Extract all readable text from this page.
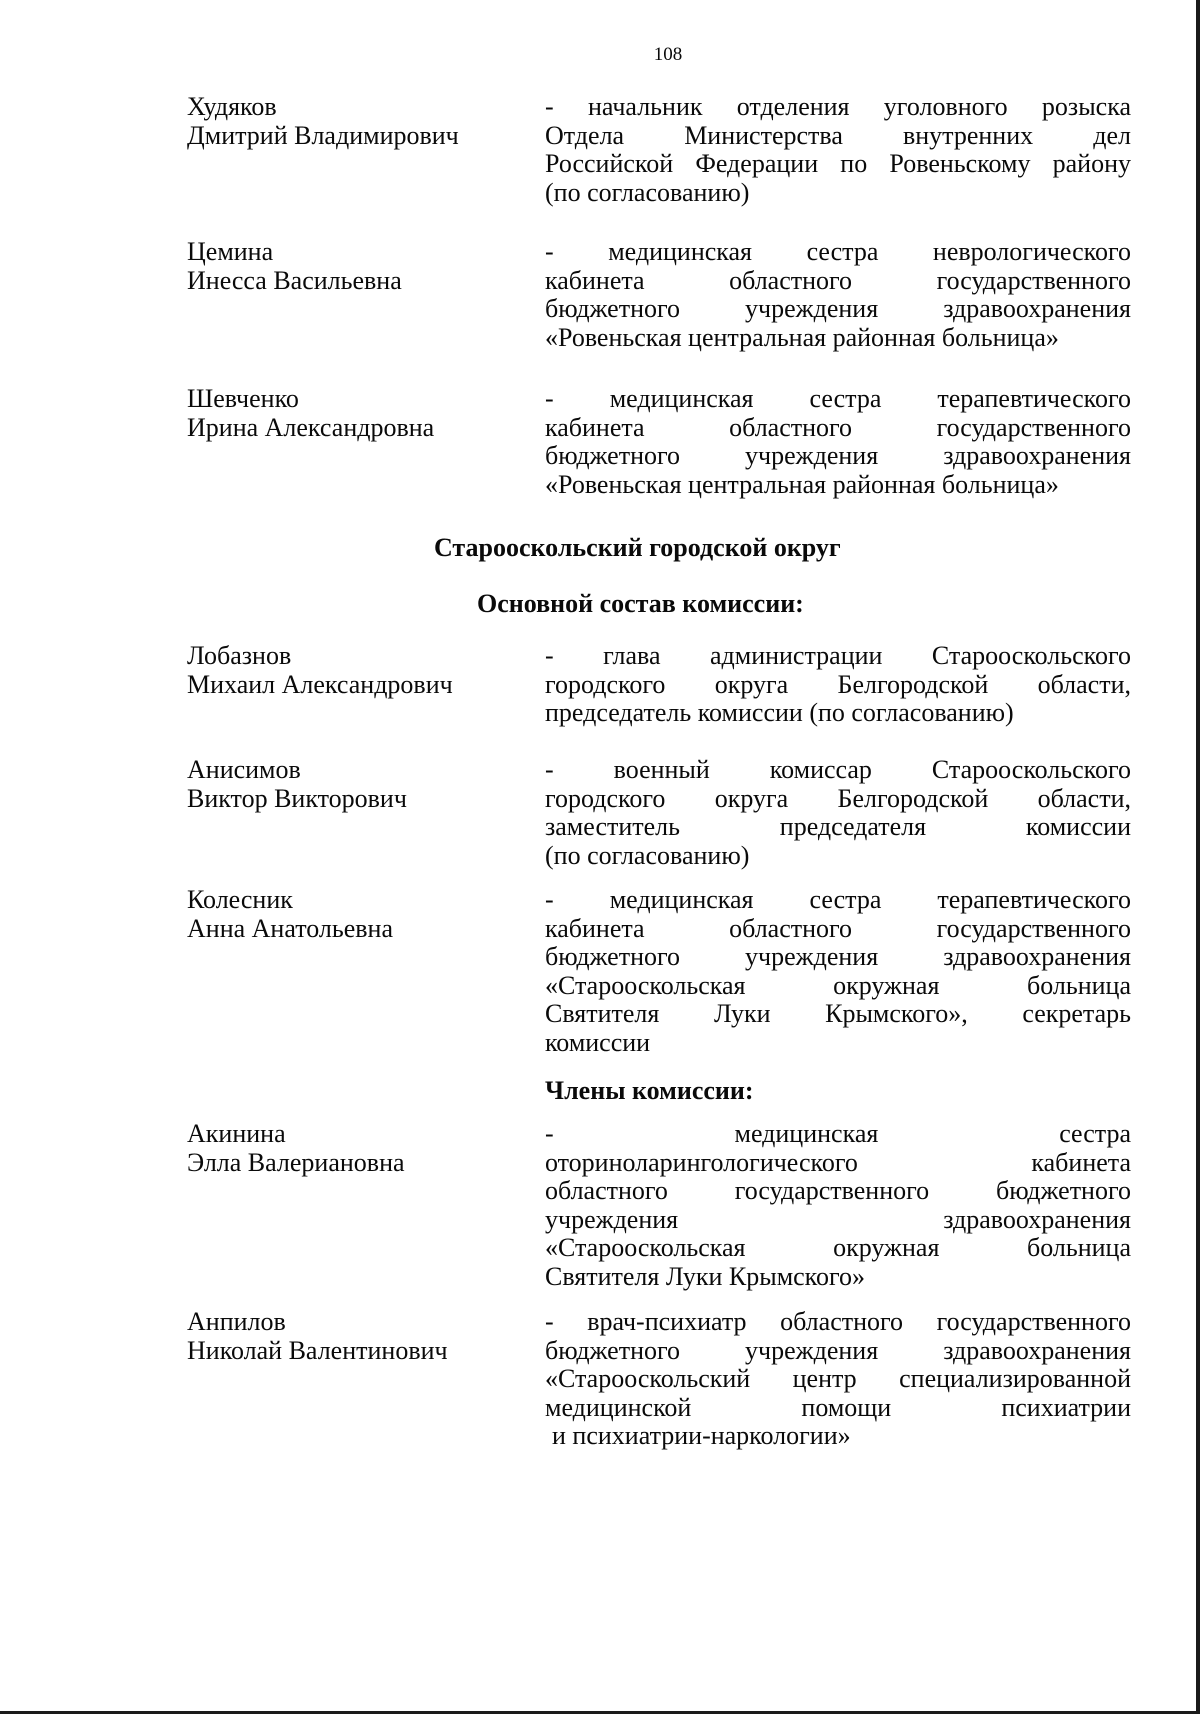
108
Худяков
Дмитрий Владимирович
- начальник отделения уголовного розыска
Отдела Министерства внутренних дел
Российской Федерации по Ровеньскому району
(по согласованию)
Цемина
Инесса Васильевна
- медицинская сестра неврологического
кабинета областного государственного
бюджетного учреждения здравоохранения
«Ровеньская центральная районная больница»
Шевченко
Ирина Александровна
- медицинская сестра терапевтического
кабинета областного государственного
бюджетного учреждения здравоохранения
«Ровеньская центральная районная больница»
Старооскольский городской округ
Основной состав комиссии:
Лобазнов
Михаил Александрович
- глава администрации Старооскольского
городского округа Белгородской области,
председатель комиссии (по согласованию)
Анисимов
Виктор Викторович
- военный комиссар Старооскольского
городского округа Белгородской области,
заместитель председателя комиссии
(по согласованию)
Колесник
Анна Анатольевна
- медицинская сестра терапевтического
кабинета областного государственного
бюджетного учреждения здравоохранения
«Старооскольская окружная больница
Святителя Луки Крымского», секретарь
комиссии
Члены комиссии:
Акинина
Элла Валериановна
- медицинская сестра
оториноларингологического кабинета
областного государственного бюджетного
учреждения здравоохранения
«Старооскольская окружная больница
Святителя Луки Крымского»
Анпилов
Николай Валентинович
- врач-психиатр областного государственного
бюджетного учреждения здравоохранения
«Старооскольский центр специализированной
медицинской помощи психиатрии
и психиатрии-наркологии»
